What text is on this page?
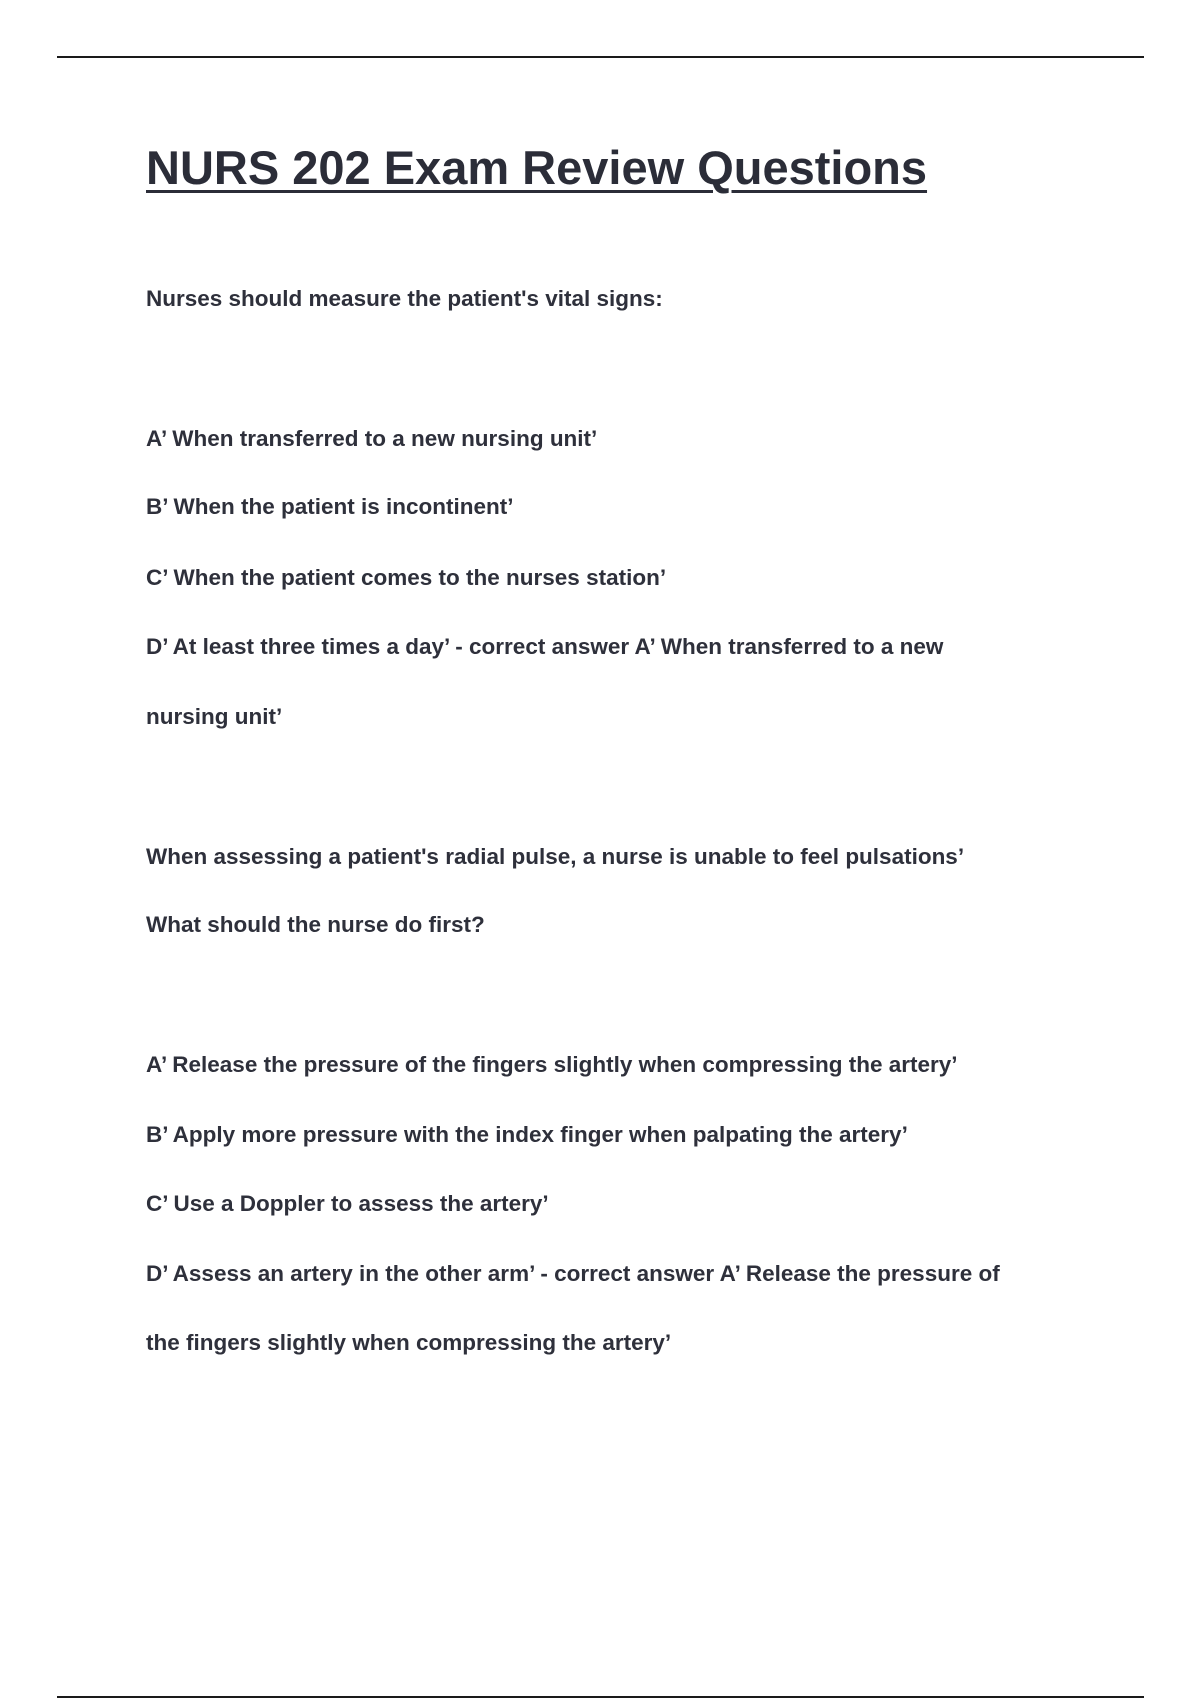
NURS 202 Exam Review Questions

Nurses should measure the patient's vital signs:

A’ When transferred to a new nursing unit’

B’ When the patient is incontinent’

C’ When the patient comes to the nurses station’

D’ At least three times a day’ - correct answer A’ When transferred to a new

nursing unit’

When assessing a patient's radial pulse, a nurse is unable to feel pulsations’

What should the nurse do first?

A’ Release the pressure of the fingers slightly when compressing the artery’

B’ Apply more pressure with the index finger when palpating the artery’

C’ Use a Doppler to assess the artery’

D’ Assess an artery in the other arm’ - correct answer A’ Release the pressure of

the fingers slightly when compressing the artery’
